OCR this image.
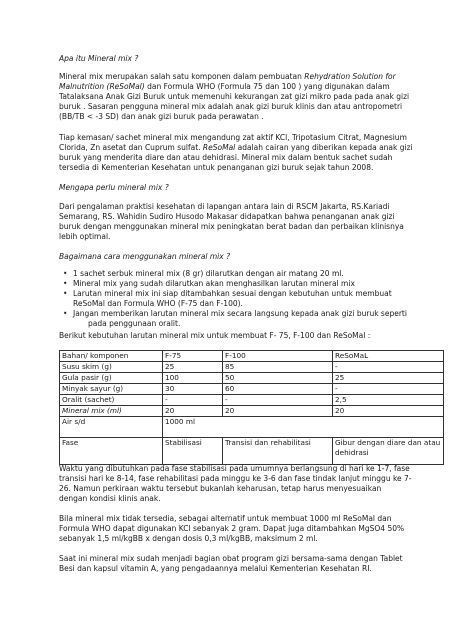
Apa itu Mineral mix ?
Mineral mix merupakan salah satu komponen dalam pembuatan Rehydration Solution for
Malnutrition (ReSoMal) dan Formula WHO (Formula 75 dan 100 ) yang digunakan dalam
Tatalaksana Anak Gizi Buruk untuk memenuhi kekurangan zat gizi mikro pada pada anak gizi
buruk . Sasaran pengguna mineral mix adalah anak gizi buruk klinis dan atau antropometri
(BB/TB < -3 SD) dan anak gizi buruk pada perawatan .
Tiap kemasan/ sachet mineral mix mengandung zat aktif KCl, Tripotasium Citrat, Magnesium
Clorida, Zn asetat dan Cuprum sulfat. ReSoMal adalah cairan yang diberikan kepada anak gizi
buruk yang menderita diare dan atau dehidrasi. Mineral mix dalam bentuk sachet sudah
tersedia di Kementerian Kesehatan untuk penanganan gizi buruk sejak tahun 2008.
Mengapa perlu mineral mix ?
Dari pengalaman praktisi kesehatan di lapangan antara lain di RSCM Jakarta, RS.Kariadi
Semarang, RS. Wahidin Sudiro Husodo Makasar didapatkan bahwa penanganan anak gizi
buruk dengan menggunakan mineral mix peningkatan berat badan dan perbaikan klinisnya
lebih optimal.
Bagaimana cara menggunakan mineral mix ?
• 1 sachet serbuk mineral mix (8 gr) dilarutkan dengan air matang 20 ml.
• Mineral mix yang sudah dilarutkan akan menghasilkan larutan mineral mix
• Larutan mineral mix ini siap ditambahkan sesuai dengan kebutuhan untuk membuat
ReSoMal dan Formula WHO (F-75 dan F-100).
• Jangan memberikan larutan mineral mix secara langsung kepada anak gizi buruk seperti
pada penggunaan oralit.
Berikut kebutuhan larutan mineral mix untuk membuat F- 75, F-100 dan ReSoMal :
Bahan/ komponen	F-75	F-100	ReSoMaL
Susu skim (g)	25	85	-
Gula pasir (g)	100	50	25
Minyak sayur (g)	30	60	-
Oralit (sachet)	-	-	2,5
Mineral mix (ml)	20	20	20
Air s/d	1000 ml		
Fase	Stabilisasi	Transisi dan rehabilitasi	Gibur dengan diare dan atau dehidrasi
Waktu yang dibutuhkan pada fase stabilisasi pada umumnya berlangsung di hari ke 1-7, fase
transisi hari ke 8-14, fase rehabilitasi pada minggu ke 3-6 dan fase tindak lanjut minggu ke 7-
26. Namun perkiraan waktu tersebut bukanlah keharusan, tetap harus menyesuaikan
dengan kondisi klinis anak.
Bila mineral mix tidak tersedia, sebagai alternatif untuk membuat 1000 ml ReSoMal dan
Formula WHO dapat digunakan KCl sebanyak 2 gram. Dapat juga ditambahkan MgSO4 50%
sebanyak 1,5 ml/kgBB x dengan dosis 0,3 ml/kgBB, maksimum 2 ml.
Saat ini mineral mix sudah menjadi bagian obat program gizi bersama-sama dengan Tablet
Besi dan kapsul vitamin A, yang pengadaannya melalui Kementerian Kesehatan RI.
